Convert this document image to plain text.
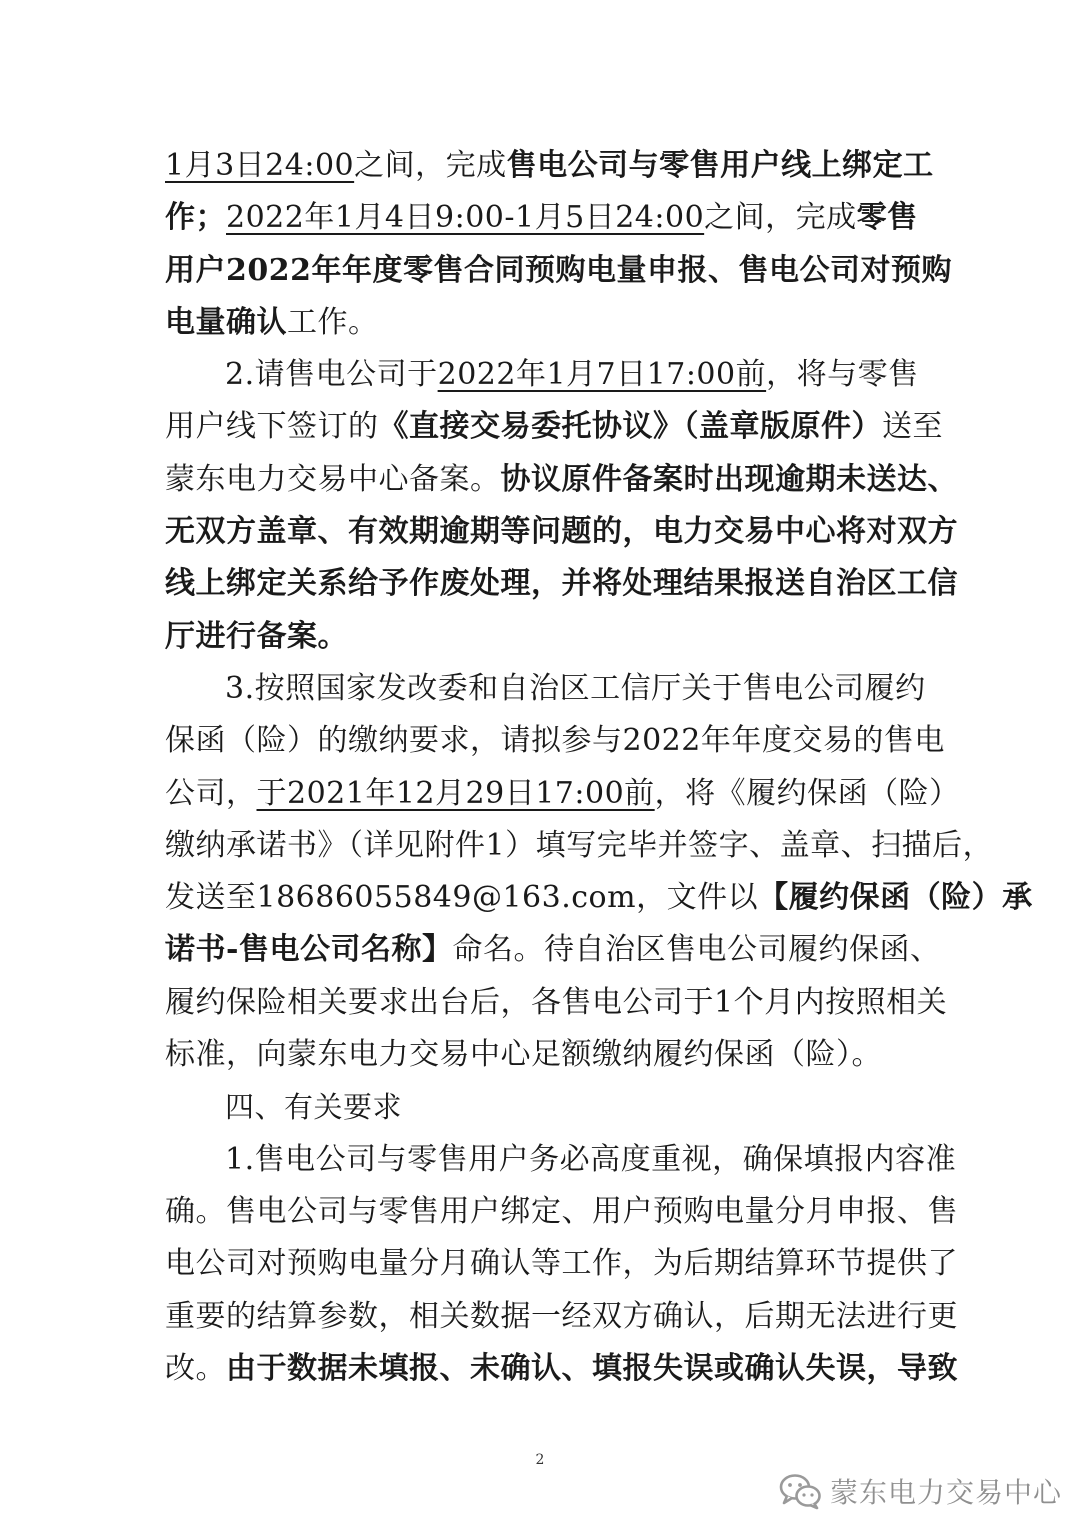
1月3日24:00之间，完成售电公司与零售用户线上绑定工
作；2022年1月4日9:00-1月5日24:00之间，完成零售
用户2022年年度零售合同预购电量申报、售电公司对预购
电量确认工作。
2.请售电公司于2022年1月7日17:00前，将与零售
用户线下签订的《直接交易委托协议》（盖章版原件）送至
蒙东电力交易中心备案。协议原件备案时出现逾期未送达、
无双方盖章、有效期逾期等问题的，电力交易中心将对双方
线上绑定关系给予作废处理，并将处理结果报送自治区工信
厅进行备案。
3.按照国家发改委和自治区工信厅关于售电公司履约
保函（险）的缴纳要求，请拟参与2022年年度交易的售电
公司，于2021年12月29日17:00前，将《履约保函（险）
缴纳承诺书》（详见附件1）填写完毕并签字、盖章、扫描后，
发送至18686055849@163.com，文件以【履约保函（险）承
诺书-售电公司名称】命名。待自治区售电公司履约保函、
履约保险相关要求出台后，各售电公司于1个月内按照相关
标准，向蒙东电力交易中心足额缴纳履约保函（险）。
四、有关要求
1.售电公司与零售用户务必高度重视，确保填报内容准
确。售电公司与零售用户绑定、用户预购电量分月申报、售
电公司对预购电量分月确认等工作，为后期结算环节提供了
重要的结算参数，相关数据一经双方确认，后期无法进行更
改。由于数据未填报、未确认、填报失误或确认失误，导致
2
蒙东电力交易中心
